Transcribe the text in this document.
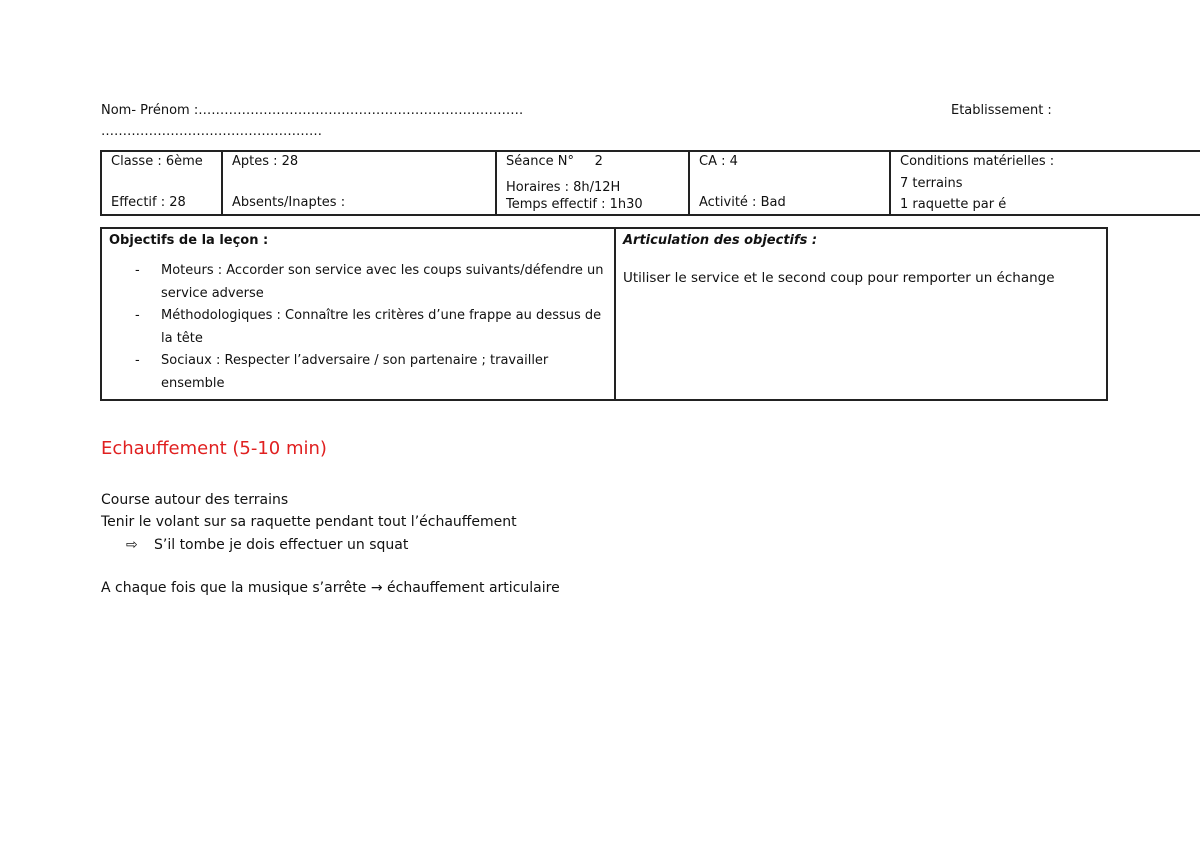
Nom- Prénom :…………………………………………………………………	Etablissement :
……………………………………………
Classe : 6ème
Effectif : 28

Aptes : 28
Absents/Inaptes :

Séance N°     2
Horaires : 8h/12H
Temps effectif : 1h30

CA : 4
Activité : Bad

Conditions matérielles :
7 terrains
1 raquette par é
Objectifs de la leçon :
- Moteurs : Accorder son service avec les coups suivants/défendre un service adverse
- Méthodologiques : Connaître les critères d’une frappe au dessus de la tête
- Sociaux : Respecter l’adversaire / son partenaire ; travailler ensemble

Articulation des objectifs :
Utiliser le service et le second coup pour remporter un échange
Echauffement (5-10 min)
Course autour des terrains
Tenir le volant sur sa raquette pendant tout l’échauffement
⇨ S’il tombe je dois effectuer un squat
A chaque fois que la musique s’arrête → échauffement articulaire
